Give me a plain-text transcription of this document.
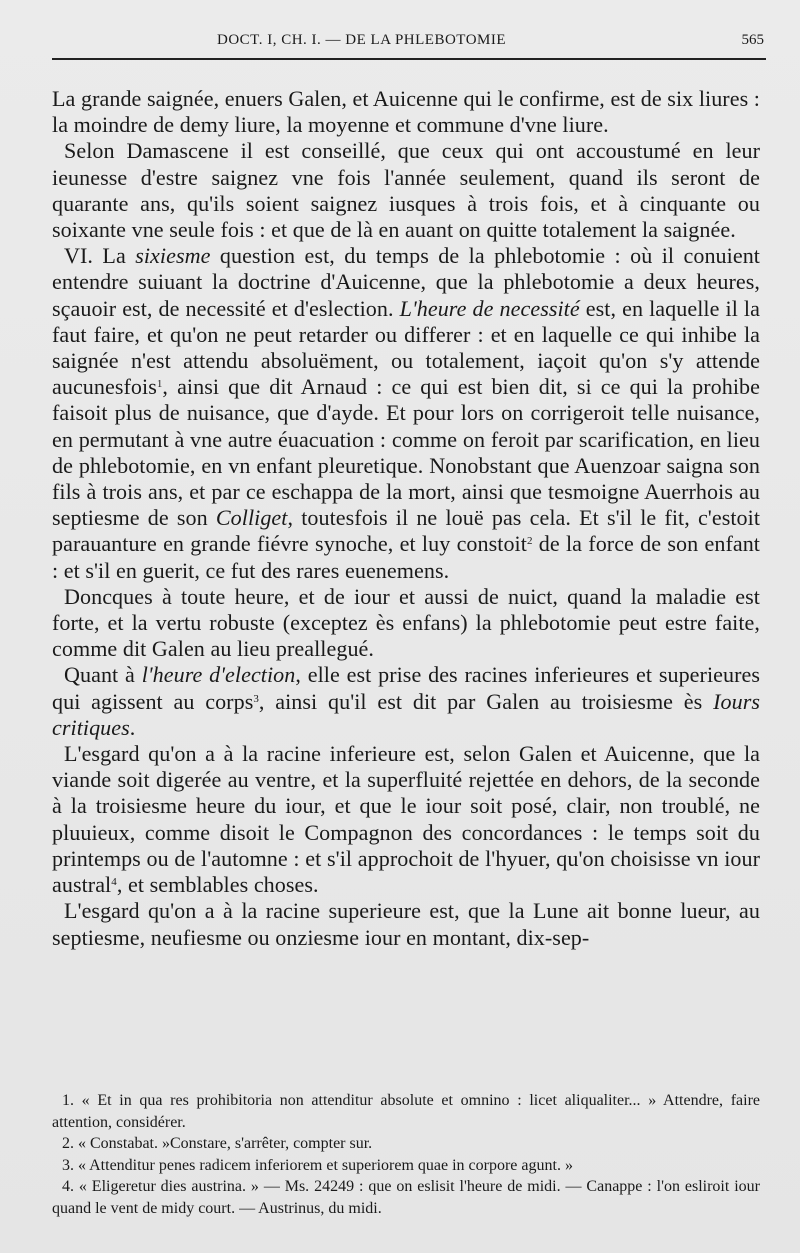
DOCT. I, CH. I. — DE LA PHLEBOTOMIE	565

La grande saignée, enuers Galen, et Auicenne qui le confirme, est de six liures : la moindre de demy liure, la moyenne et commune d'vne liure.

Selon Damascene il est conseillé, que ceux qui ont accoustumé en leur ieunesse d'estre saignez vne fois l'année seulement, quand ils seront de quarante ans, qu'ils soient saignez iusques à trois fois, et à cinquante ou soixante vne seule fois : et que de là en auant on quitte totalement la saignée.

VI. La sixiesme question est, du temps de la phlebotomie : où il conuient entendre suiuant la doctrine d'Auicenne, que la phlebotomie a deux heures, sçauoir est, de necessité et d'eslection. L'heure de necessité est, en laquelle il la faut faire, et qu'on ne peut retarder ou differer : et en laquelle ce qui inhibe la saignée n'est attendu absoluëment, ou totalement, iaçoit qu'on s'y attende aucunesfois$^1$, ainsi que dit Arnaud : ce qui est bien dit, si ce qui la prohibe faisoit plus de nuisance, que d'ayde. Et pour lors on corrigeroit telle nuisance, en permutant à vne autre éuacuation : comme on feroit par scarification, en lieu de phlebotomie, en vn enfant pleuretique. Nonobstant que Auenzoar saigna son fils à trois ans, et par ce eschappa de la mort, ainsi que tesmoigne Auerrhois au septiesme de son Colliget, toutesfois il ne louë pas cela. Et s'il le fit, c'estoit parauanture en grande fiévre synoche, et luy constoit$^2$ de la force de son enfant : et s'il en guerit, ce fut des rares euenemens.

Doncques à toute heure, et de iour et aussi de nuict, quand la maladie est forte, et la vertu robuste (exceptez ès enfans) la phlebotomie peut estre faite, comme dit Galen au lieu preallegué.

Quant à l'heure d'election, elle est prise des racines inferieures et superieures qui agissent au corps$^3$, ainsi qu'il est dit par Galen au troisiesme ès Iours critiques.

L'esgard qu'on a à la racine inferieure est, selon Galen et Auicenne, que la viande soit digerée au ventre, et la superfluité rejettée en dehors, de la seconde à la troisiesme heure du iour, et que le iour soit posé, clair, non troublé, ne pluuieux, comme disoit le Compagnon des concordances : le temps soit du printemps ou de l'automne : et s'il approchoit de l'hyuer, qu'on choisisse vn iour austral$^4$, et semblables choses.

L'esgard qu'on a à la racine superieure est, que la Lune ait bonne lueur, au septiesme, neufiesme ou onziesme iour en montant, dix-sep-

1. « Et in qua res prohibitoria non attenditur absolute et omnino : licet aliqualiter... » Attendre, faire attention, considérer.

2. « Constabat. »Constare, s'arrêter, compter sur.

3. « Attenditur penes radicem inferiorem et superiorem quae in corpore agunt. »

4. « Eligeretur dies austrina. » — Ms. 24249 : que on eslisit l'heure de midi. — Canappe : l'on esliroit iour quand le vent de midy court. — Austrinus, du midi.
